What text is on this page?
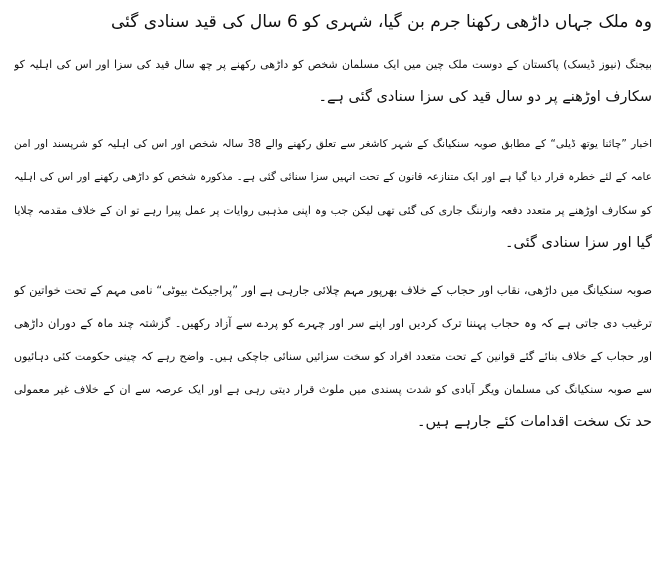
وہ ملک جہاں داڑھی رکھنا جرم بن گیا، شہری کو 6 سال کی قید سنادی گئی
بیجنگ (نیوز ڈیسک) پاکستان کے دوست ملک چین میں ایک مسلمان شخص کو داڑھی رکھنے پر چھ سال قید کی سزا اور اس کی اہلیہ کو
سکارف اوڑھنے پر دو سال قید کی سزا سنادی گئی ہے۔
اخبار ”چائنا یوتھ ڈیلی“ کے مطابق صوبہ سنکیانگ کے شہر کاشغر سے تعلق رکھنے والے 38 سالہ شخص اور اس کی اہلیہ کو شرپسند اور امن
عامہ کے لئے خطرہ قرار دیا گیا ہے اور ایک متنازعہ قانون کے تحت انہیں سزا سنائی گئی ہے۔ مذکورہ شخص کو داڑھی رکھنے اور اس کی اہلیہ
کو سکارف اوڑھنے پر متعدد دفعہ وارننگ جاری کی گئی تھی لیکن جب وہ اپنی مذہبی روایات پر عمل پیرا رہے تو ان کے خلاف مقدمہ چلایا
گیا اور سزا سنادی گئی۔
صوبہ سنکیانگ میں داڑھی، نقاب اور حجاب کے خلاف بھرپور مہم چلائی جارہی ہے اور ”پراجیکٹ بیوٹی“ نامی مہم کے تحت خواتین کو
ترغیب دی جاتی ہے کہ وہ حجاب پہننا ترک کردیں اور اپنے سر اور چہرے کو پردے سے آزاد رکھیں۔ گزشتہ چند ماہ کے دوران داڑھی
اور حجاب کے خلاف بنائے گئے قوانین کے تحت متعدد افراد کو سخت سزائیں سنائی جاچکی ہیں۔ واضح رہے کہ چینی حکومت کئی دہائیوں
سے صوبہ سنکیانگ کی مسلمان ویگر آبادی کو شدت پسندی میں ملوث قرار دیتی رہی ہے اور ایک عرصہ سے ان کے خلاف غیر معمولی
حد تک سخت اقدامات کئے جارہے ہیں۔
